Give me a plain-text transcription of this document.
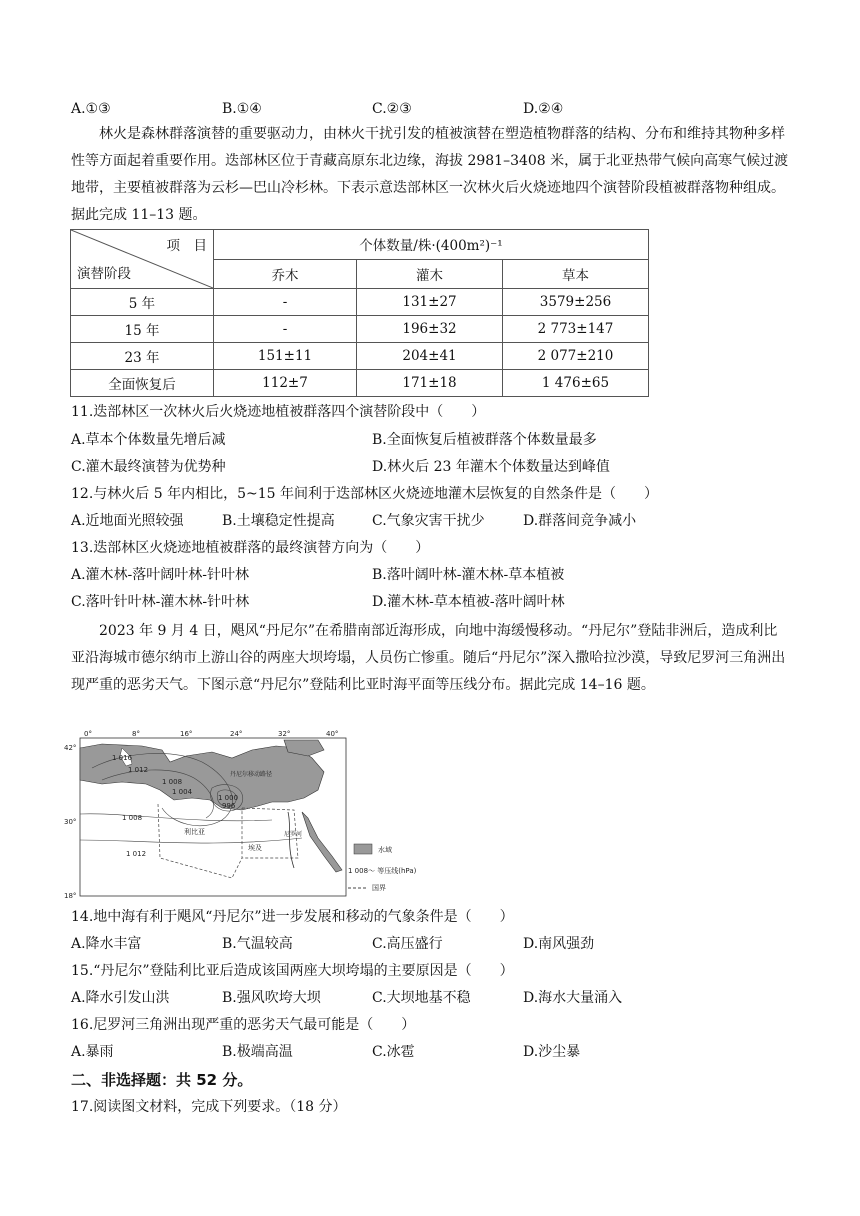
A.①③	B.①④	C.②③	D.②④
林火是森林群落演替的重要驱动力，由林火干扰引发的植被演替在塑造植物群落的结构、分布和维持其物种多样性等方面起着重要作用。迭部林区位于青藏高原东北边缘，海拔 2981–3408 米，属于北亚热带气候向高寒气候过渡地带，主要植被群落为云杉—巴山冷杉林。下表示意迭部林区一次林火后火烧迹地四个演替阶段植被群落物种组成。据此完成 11–13 题。
项　目
演替阶段	个体数量/株·(400m²)⁻¹		
	乔木	灌木	草本
5 年	-	131±27	3579±256
15 年	-	196±32	2 773±147
23 年	151±11	204±41	2 077±210
全面恢复后	112±7	171±18	1 476±65
11.迭部林区一次林火后火烧迹地植被群落四个演替阶段中（　　）
A.草本个体数量先增后减	B.全面恢复后植被群落个体数量最多
C.灌木最终演替为优势种	D.林火后 23 年灌木个体数量达到峰值
12.与林火后 5 年内相比，5~15 年间利于迭部林区火烧迹地灌木层恢复的自然条件是（　　）
A.近地面光照较强	B.土壤稳定性提高	C.气象灾害干扰少	D.群落间竞争减小
13.迭部林区火烧迹地植被群落的最终演替方向为（　　）
A.灌木林-落叶阔叶林-针叶林	B.落叶阔叶林-灌木林-草本植被
C.落叶针叶林-灌木林-针叶林	D.灌木林-草本植被-落叶阔叶林
2023 年 9 月 4 日，飓风“丹尼尔”在希腊南部近海形成，向地中海缓慢移动。“丹尼尔”登陆非洲后，造成利比亚沿海城市德尔纳市上游山谷的两座大坝垮塌，人员伤亡惨重。随后“丹尼尔”深入撒哈拉沙漠，导致尼罗河三角洲出现严重的恶劣天气。下图示意“丹尼尔”登陆利比亚时海平面等压线分布。据此完成 14–16 题。
0°	8°	16°	24°	32°	40°
42°
30°
18°
1 016
1 012
1 008
1 004
1 000
996
1 008
1 012
丹尼尔移动路径
利比亚
埃及
尼罗河
水域
1 008～ 等压线(hPa)
国界
14.地中海有利于飓风“丹尼尔”进一步发展和移动的气象条件是（　　）
A.降水丰富	B.气温较高	C.高压盛行	D.南风强劲
15.“丹尼尔”登陆利比亚后造成该国两座大坝垮塌的主要原因是（　　）
A.降水引发山洪	B.强风吹垮大坝	C.大坝地基不稳	D.海水大量涌入
16.尼罗河三角洲出现严重的恶劣天气最可能是（　　）
A.暴雨	B.极端高温	C.冰雹	D.沙尘暴
二、非选择题：共 52 分。
17.阅读图文材料，完成下列要求。（18 分）
